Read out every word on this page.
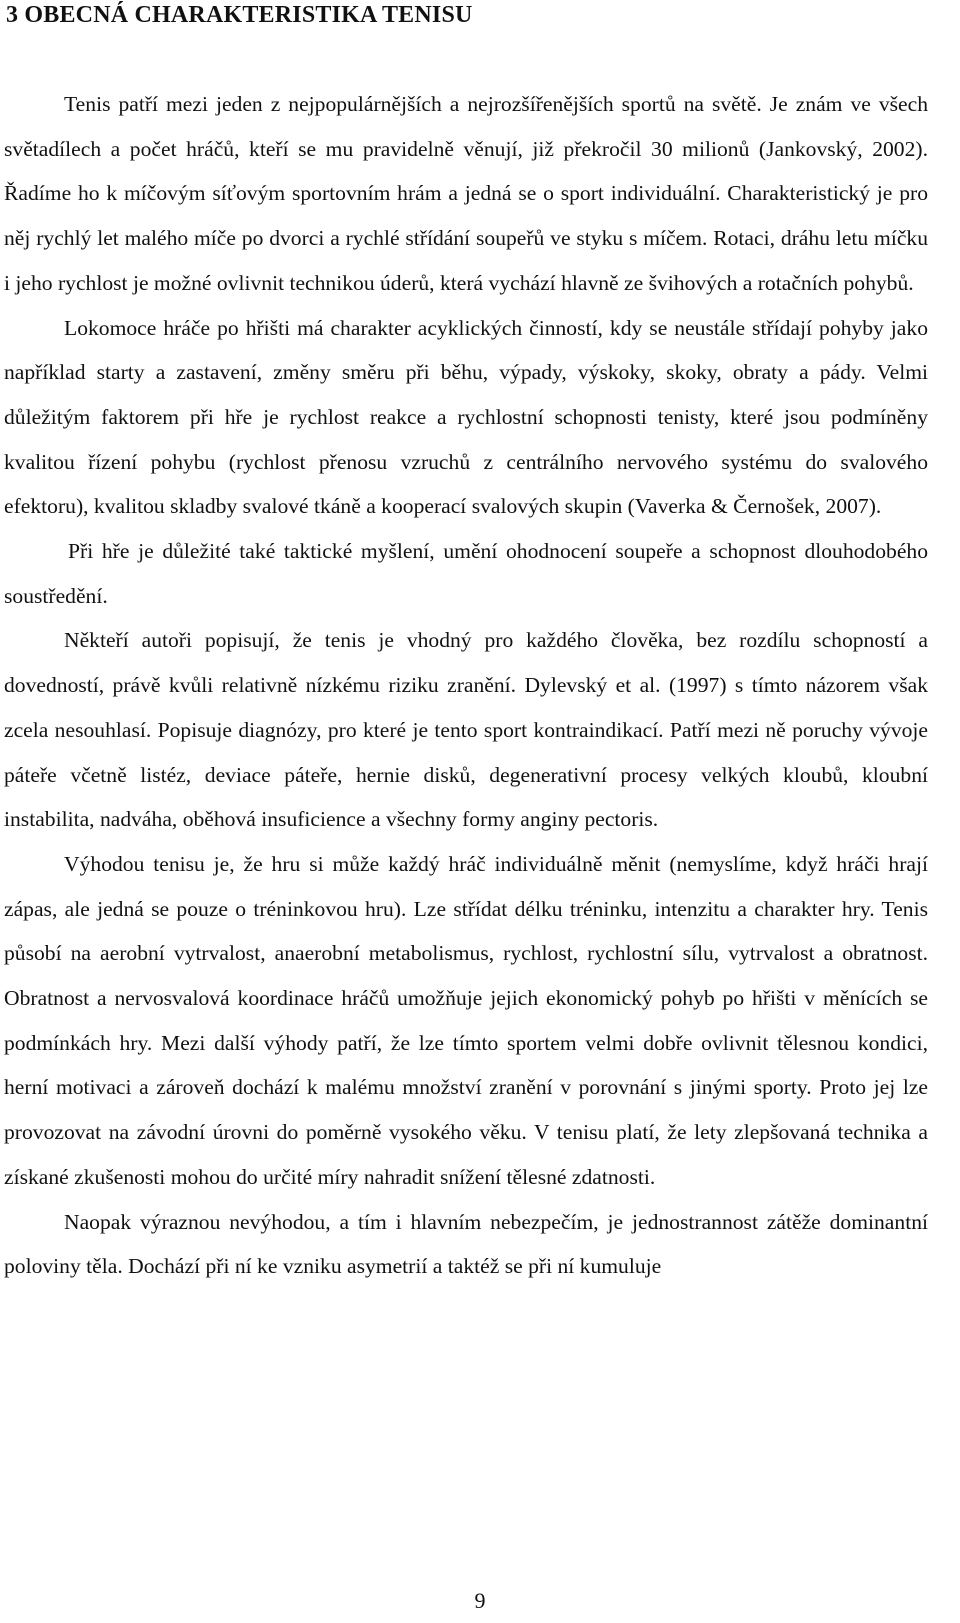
3 OBECNÁ CHARAKTERISTIKA TENISU

Tenis patří mezi jeden z nejpopulárnějších a nejrozšířenějších sportů na světě. Je znám ve všech světadílech a počet hráčů, kteří se mu pravidelně věnují, již překročil 30 milionů (Jankovský, 2002). Řadíme ho k míčovým síťovým sportovním hrám a jedná se o sport individuální. Charakteristický je pro něj rychlý let malého míče po dvorci a rychlé střídání soupeřů ve styku s míčem. Rotaci, dráhu letu míčku i jeho rychlost je možné ovlivnit technikou úderů, která vychází hlavně ze švihových a rotačních pohybů.

Lokomoce hráče po hřišti má charakter acyklických činností, kdy se neustále střídají pohyby jako například starty a zastavení, změny směru při běhu, výpady, výskoky, skoky, obraty a pády. Velmi důležitým faktorem při hře je rychlost reakce a rychlostní schopnosti tenisty, které jsou podmíněny kvalitou řízení pohybu (rychlost přenosu vzruchů z centrálního nervového systému do svalového efektoru), kvalitou skladby svalové tkáně a kooperací svalových skupin (Vaverka & Černošek, 2007).

Při hře je důležité také taktické myšlení, umění ohodnocení soupeře a schopnost dlouhodobého soustředění.

Někteří autoři popisují, že tenis je vhodný pro každého člověka, bez rozdílu schopností a dovedností, právě kvůli relativně nízkému riziku zranění. Dylevský et al. (1997) s tímto názorem však zcela nesouhlasí. Popisuje diagnózy, pro které je tento sport kontraindikací. Patří mezi ně poruchy vývoje páteře včetně listéz, deviace páteře, hernie disků, degenerativní procesy velkých kloubů, kloubní instabilita, nadváha, oběhová insuficience a všechny formy anginy pectoris.

Výhodou tenisu je, že hru si může každý hráč individuálně měnit (nemyslíme, když hráči hrají zápas, ale jedná se pouze o tréninkovou hru). Lze střídat délku tréninku, intenzitu a charakter hry. Tenis působí na aerobní vytrvalost, anaerobní metabolismus, rychlost, rychlostní sílu, vytrvalost a obratnost. Obratnost a nervosvalová koordinace hráčů umožňuje jejich ekonomický pohyb po hřišti v měnících se podmínkách hry. Mezi další výhody patří, že lze tímto sportem velmi dobře ovlivnit tělesnou kondici, herní motivaci a zároveň dochází k malému množství zranění v porovnání s jinými sporty. Proto jej lze provozovat na závodní úrovni do poměrně vysokého věku. V tenisu platí, že lety zlepšovaná technika a získané zkušenosti mohou do určité míry nahradit snížení tělesné zdatnosti.

Naopak výraznou nevýhodou, a tím i hlavním nebezpečím, je jednostrannost zátěže dominantní poloviny těla. Dochází při ní ke vzniku asymetrií a taktéž se při ní kumuluje

9
